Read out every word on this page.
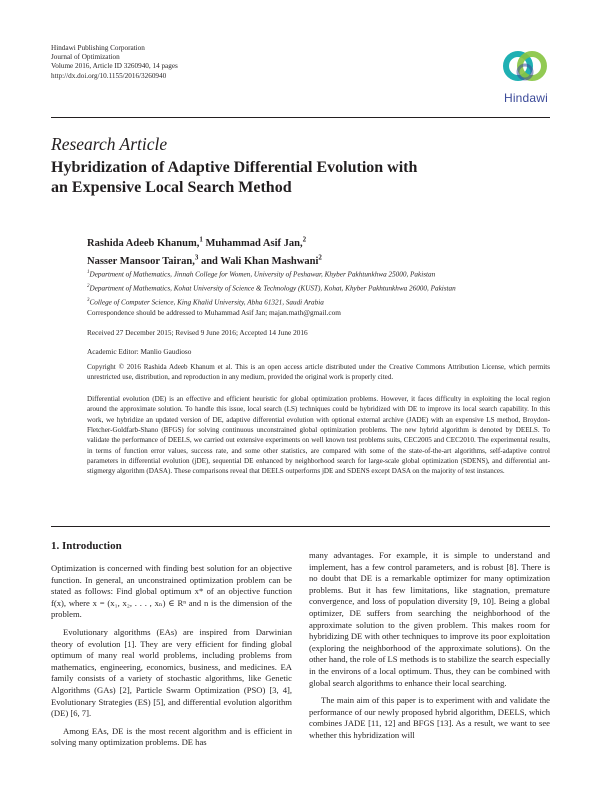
Hindawi Publishing Corporation
Journal of Optimization
Volume 2016, Article ID 3260940, 14 pages
http://dx.doi.org/10.1155/2016/3260940
Hindawi
Research Article
Hybridization of Adaptive Differential Evolution with
an Expensive Local Search Method
Rashida Adeeb Khanum,$^1$ Muhammad Asif Jan,$^2$
Nasser Mansoor Tairan,$^3$ and Wali Khan Mashwani$^2$
$^1$Department of Mathematics, Jinnah College for Women, University of Peshawar, Khyber Pakhtunkhwa 25000, Pakistan
$^2$Department of Mathematics, Kohat University of Science & Technology (KUST), Kohat, Khyber Pakhtunkhwa 26000, Pakistan
$^3$College of Computer Science, King Khalid University, Abha 61321, Saudi Arabia
Correspondence should be addressed to Muhammad Asif Jan; majan.math@gmail.com
Received 27 December 2015; Revised 9 June 2016; Accepted 14 June 2016
Academic Editor: Manlio Gaudioso
Copyright © 2016 Rashida Adeeb Khanum et al. This is an open access article distributed under the Creative Commons Attribution License, which permits unrestricted use, distribution, and reproduction in any medium, provided the original work is properly cited.
Differential evolution (DE) is an effective and efficient heuristic for global optimization problems. However, it faces difficulty in exploiting the local region around the approximate solution. To handle this issue, local search (LS) techniques could be hybridized with DE to improve its local search capability. In this work, we hybridize an updated version of DE, adaptive differential evolution with optional external archive (JADE) with an expensive LS method, Broydon-Fletcher-Goldfarb-Shano (BFGS) for solving continuous unconstrained global optimization problems. The new hybrid algorithm is denoted by DEELS. To validate the performance of DEELS, we carried out extensive experiments on well known test problems suits, CEC2005 and CEC2010. The experimental results, in terms of function error values, success rate, and some other statistics, are compared with some of the state-of-the-art algorithms, self-adaptive control parameters in differential evolution (jDE), sequential DE enhanced by neighborhood search for large-scale global optimization (SDENS), and differential ant-stigmergy algorithm (DASA). These comparisons reveal that DEELS outperforms jDE and SDENS except DASA on the majority of test instances.
1. Introduction

Optimization is concerned with finding best solution for an objective function. In general, an unconstrained optimization problem can be stated as follows: Find global optimum x* of an objective function f(x), where x = (x₁, x₂, . . . , xₙ) ∈ Rⁿ and n is the dimension of the problem.

Evolutionary algorithms (EAs) are inspired from Darwinian theory of evolution [1]. They are very efficient for finding global optimum of many real world problems, including problems from mathematics, engineering, economics, business, and medicines. EA family consists of a variety of stochastic algorithms, like Genetic Algorithms (GAs) [2], Particle Swarm Optimization (PSO) [3, 4], Evolutionary Strategies (ES) [5], and differential evolution algorithm (DE) [6, 7].

Among EAs, DE is the most recent algorithm and is efficient in solving many optimization problems. DE has

many advantages. For example, it is simple to understand and implement, has a few control parameters, and is robust [8]. There is no doubt that DE is a remarkable optimizer for many optimization problems. But it has few limitations, like stagnation, premature convergence, and loss of population diversity [9, 10]. Being a global optimizer, DE suffers from searching the neighborhood of the approximate solution to the given problem. This makes room for hybridizing DE with other techniques to improve its poor exploitation (exploring the neighborhood of the approximate solutions). On the other hand, the role of LS methods is to stabilize the search especially in the environs of a local optimum. Thus, they can be combined with global search algorithms to enhance their local searching.

The main aim of this paper is to experiment with and validate the performance of our newly proposed hybrid algorithm, DEELS, which combines JADE [11, 12] and BFGS [13]. As a result, we want to see whether this hybridization will
